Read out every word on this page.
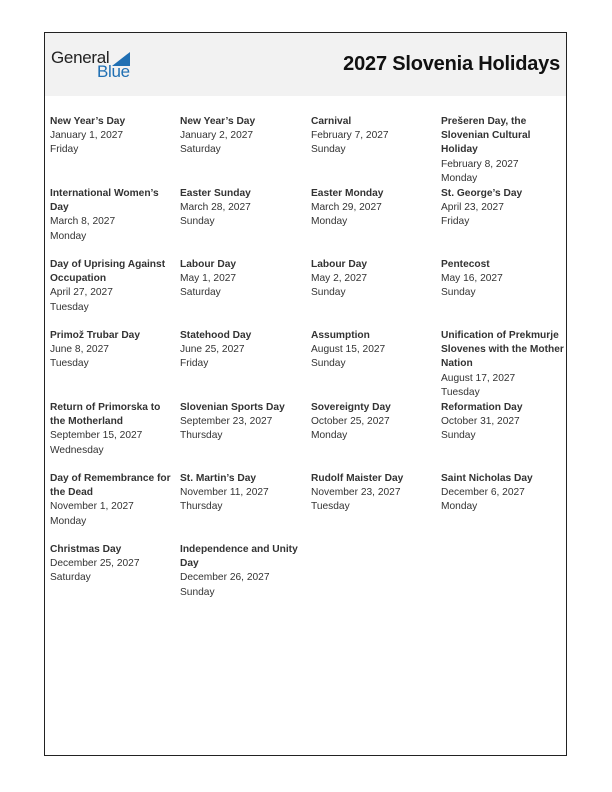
General
Blue	2027 Slovenia Holidays
New Year’s Day
January 1, 2027
Friday
New Year’s Day
January 2, 2027
Saturday
Carnival
February 7, 2027
Sunday
Prešeren Day, the Slovenian Cultural Holiday
February 8, 2027
Monday
International Women’s Day
March 8, 2027
Monday
Easter Sunday
March 28, 2027
Sunday
Easter Monday
March 29, 2027
Monday
St. George’s Day
April 23, 2027
Friday
Day of Uprising Against Occupation
April 27, 2027
Tuesday
Labour Day
May 1, 2027
Saturday
Labour Day
May 2, 2027
Sunday
Pentecost
May 16, 2027
Sunday
Primož Trubar Day
June 8, 2027
Tuesday
Statehood Day
June 25, 2027
Friday
Assumption
August 15, 2027
Sunday
Unification of Prekmurje Slovenes with the Mother Nation
August 17, 2027
Tuesday
Return of Primorska to the Motherland
September 15, 2027
Wednesday
Slovenian Sports Day
September 23, 2027
Thursday
Sovereignty Day
October 25, 2027
Monday
Reformation Day
October 31, 2027
Sunday
Day of Remembrance for the Dead
November 1, 2027
Monday
St. Martin’s Day
November 11, 2027
Thursday
Rudolf Maister Day
November 23, 2027
Tuesday
Saint Nicholas Day
December 6, 2027
Monday
Christmas Day
December 25, 2027
Saturday
Independence and Unity Day
December 26, 2027
Sunday
